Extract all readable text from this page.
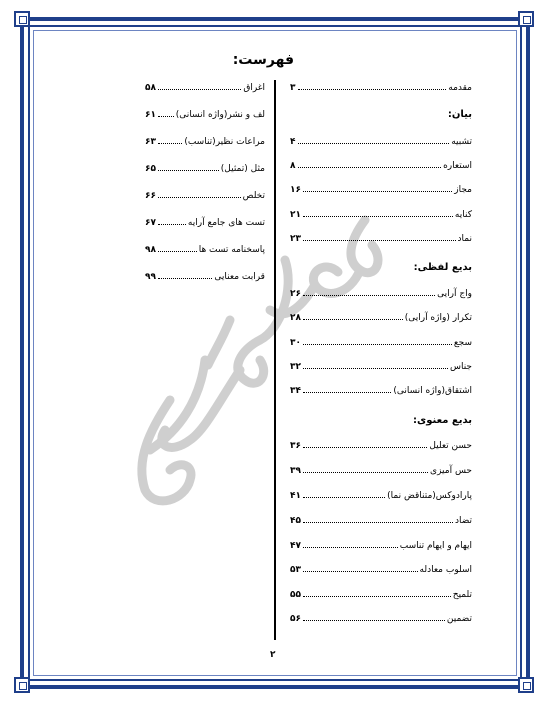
فهرست:
مقدمه
۳
بیان:
تشبیه
۴
استعاره
۸
مجاز
۱۶
کنایه
۲۱
نماد
۲۳
بدیع لفظی:
واج آرایی
۲۶
تکرار (واژه آرایی)
۲۸
سجع
۳۰
جناس
۳۲
اشتقاق(واژه انسانی)
۳۴
بدیع معنوی:
حسن تعلیل
۳۶
حس آمیزی
۳۹
پارادوکس(متناقض نما)
۴۱
تضاد
۴۵
ایهام و ایهام تناسب
۴۷
اسلوب معادله
۵۳
تلمیح
۵۵
تضمین
۵۶
اغراق
۵۸
لف و نشر(واژه انسانی)
۶۱
مراعات نظیر(تناسب)
۶۳
مثل (تمثیل)
۶۵
تخلص
۶۶
تست های جامع آرایه
۶۷
پاسخنامه تست ها
۹۸
قرابت معنایی
۹۹
۲
